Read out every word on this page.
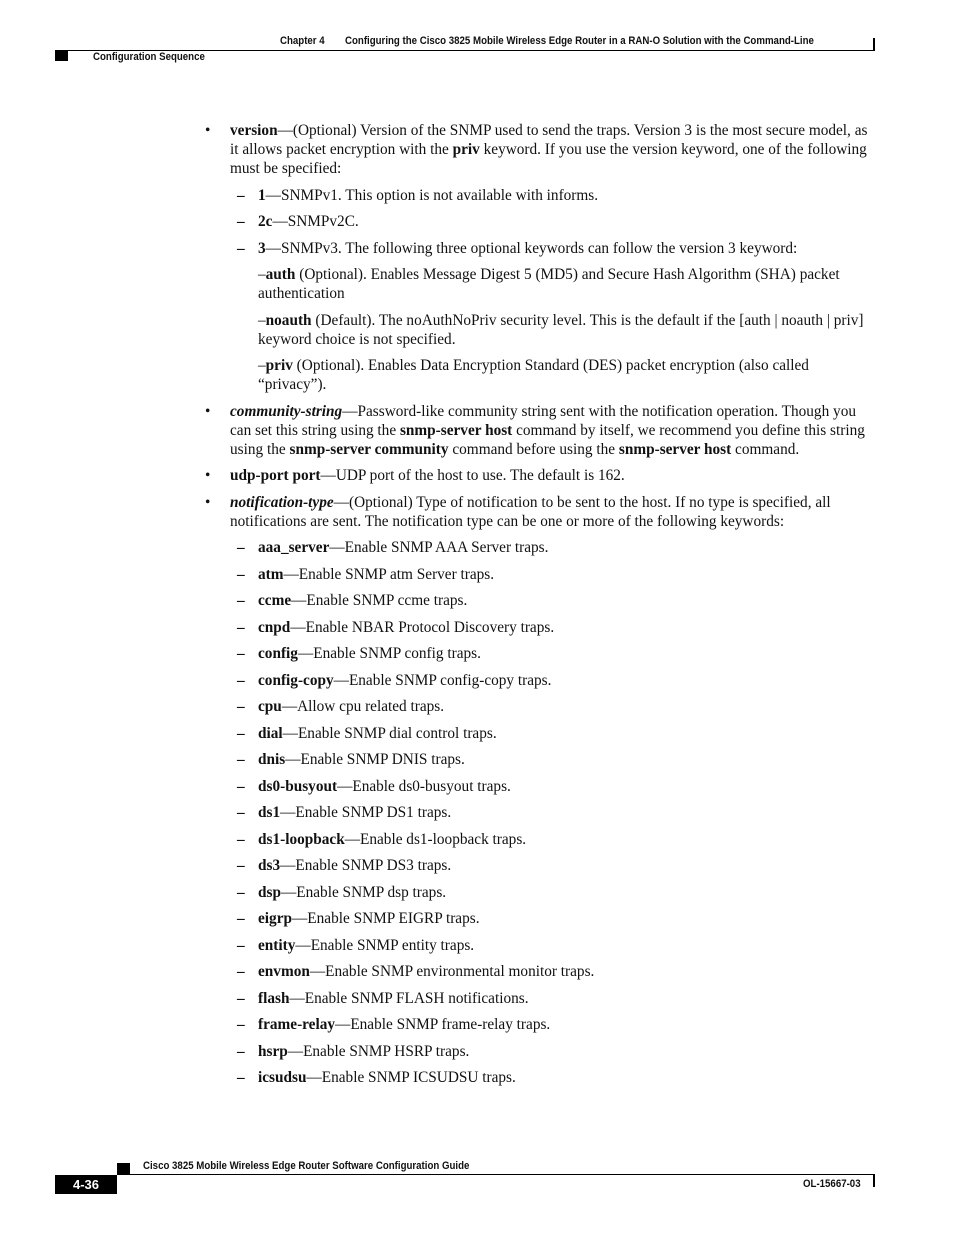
Chapter 4 Configuring the Cisco 3825 Mobile Wireless Edge Router in a RAN-O Solution with the Command-Line
Configuration Sequence
• version—(Optional) Version of the SNMP used to send the traps. Version 3 is the most secure model, as it allows packet encryption with the priv keyword. If you use the version keyword, one of the following must be specified:
– 1—SNMPv1. This option is not available with informs.
– 2c—SNMPv2C.
– 3—SNMPv3. The following three optional keywords can follow the version 3 keyword:
–auth (Optional). Enables Message Digest 5 (MD5) and Secure Hash Algorithm (SHA) packet authentication
–noauth (Default). The noAuthNoPriv security level. This is the default if the [auth | noauth | priv] keyword choice is not specified.
–priv (Optional). Enables Data Encryption Standard (DES) packet encryption (also called “privacy”).
• community-string—Password-like community string sent with the notification operation. Though you can set this string using the snmp-server host command by itself, we recommend you define this string using the snmp-server community command before using the snmp-server host command.
• udp-port port—UDP port of the host to use. The default is 162.
• notification-type—(Optional) Type of notification to be sent to the host. If no type is specified, all notifications are sent. The notification type can be one or more of the following keywords:
– aaa_server—Enable SNMP AAA Server traps.
– atm—Enable SNMP atm Server traps.
– ccme—Enable SNMP ccme traps.
– cnpd—Enable NBAR Protocol Discovery traps.
– config—Enable SNMP config traps.
– config-copy—Enable SNMP config-copy traps.
– cpu—Allow cpu related traps.
– dial—Enable SNMP dial control traps.
– dnis—Enable SNMP DNIS traps.
– ds0-busyout—Enable ds0-busyout traps.
– ds1—Enable SNMP DS1 traps.
– ds1-loopback—Enable ds1-loopback traps.
– ds3—Enable SNMP DS3 traps.
– dsp—Enable SNMP dsp traps.
– eigrp—Enable SNMP EIGRP traps.
– entity—Enable SNMP entity traps.
– envmon—Enable SNMP environmental monitor traps.
– flash—Enable SNMP FLASH notifications.
– frame-relay—Enable SNMP frame-relay traps.
– hsrp—Enable SNMP HSRP traps.
– icsudsu—Enable SNMP ICSUDSU traps.
Cisco 3825 Mobile Wireless Edge Router Software Configuration Guide
4-36	OL-15667-03
